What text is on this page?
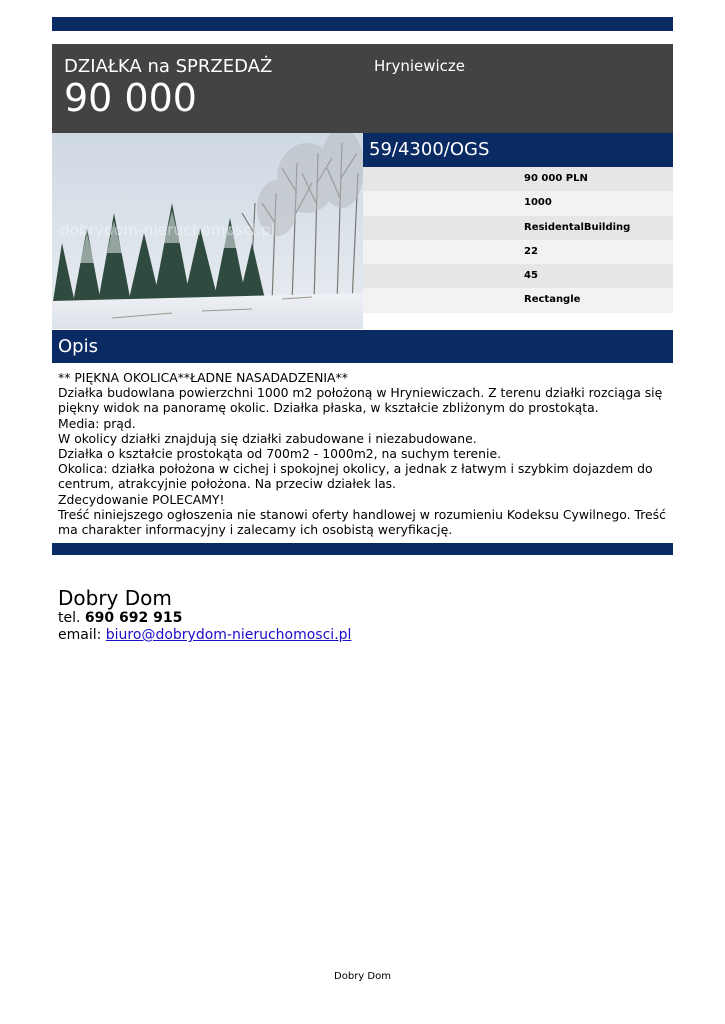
DZIAŁKA na SPRZEDAŻ
90 000
Hryniewicze
dobrydom-nieruchomosci.pl
59/4300/OGS
90 000 PLN
1000
ResidentalBuilding
22
45
Rectangle
Opis

** PIĘKNA OKOLICA**ŁADNE NASADADZENIA**

Działka budowlana powierzchni 1000 m2 położoną w Hryniewiczach. Z terenu działki rozciąga się piękny widok na panoramę okolic. Działka płaska, w kształcie zbliżonym do prostokąta.

Media: prąd.

W okolicy działki znajdują się działki zabudowane i niezabudowane.

Działka o kształcie prostokąta od 700m2 - 1000m2, na suchym terenie.

Okolica: działka położona w cichej i spokojnej okolicy, a jednak z łatwym i szybkim dojazdem do centrum, atrakcyjnie położona. Na przeciw działek las.

Zdecydowanie POLECAMY!

Treść niniejszego ogłoszenia nie stanowi oferty handlowej w rozumieniu Kodeksu Cywilnego. Treść ma charakter informacyjny i zalecamy ich osobistą weryfikację.

Dobry Dom
tel. 690 692 915
email: biuro@dobrydom-nieruchomosci.pl
Dobry Dom
